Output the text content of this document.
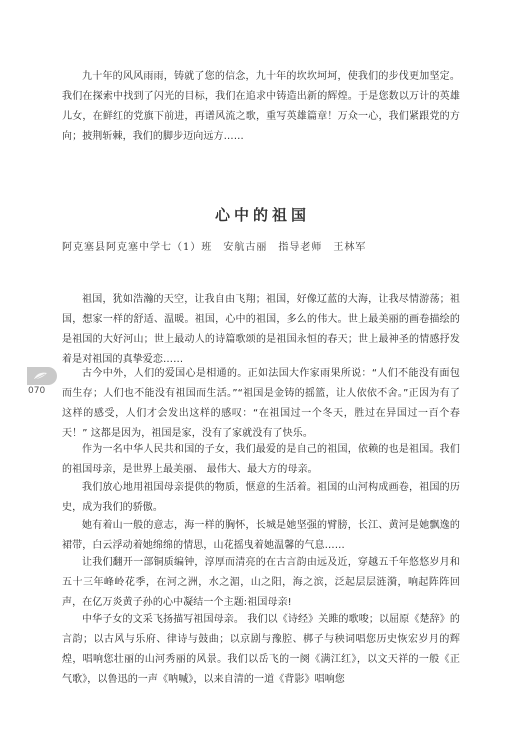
九十年的风风雨雨，铸就了您的信念，九十年的坎坎坷坷，使我们的步伐更加坚定。我们在探索中找到了闪光的目标，我们在追求中铸造出新的辉煌。于是您数以万计的英雄儿女，在鲜红的党旗下前进，再谱风流之歌，重写英雄篇章！万众一心，我们紧跟党的方向；披荆斩棘，我们的脚步迈向远方……

心中的祖国
阿克塞县阿克塞中学七（1）班　安航古丽　指导老师　王林军

祖国，犹如浩瀚的天空，让我自由飞翔；祖国，好像辽蓝的大海，让我尽情游荡；祖国，想家一样的舒适、温暖。祖国，心中的祖国，多么的伟大。世上最美丽的画卷描绘的是祖国的大好河山；世上最动人的诗篇歌颂的是祖国永恒的春天；世上最神圣的情感抒发着是对祖国的真挚爱恋……

古今中外，人们的爱国心是相通的。正如法国大作家雨果所说：“人们不能没有面包而生存；人们也不能没有祖国而生活。”“祖国是金铸的摇篮，让人依依不舍。”正因为有了这样的感受，人们才会发出这样的感叹：“在祖国过一个冬天，胜过在异国过一百个春天！” 这都是因为，祖国是家，没有了家就没有了快乐。

作为一名中华人民共和国的子女，我们最爱的是自己的祖国，依赖的也是祖国。我们的祖国母亲，是世界上最美丽、 最伟大、最大方的母亲。

我们放心地用祖国母亲提供的物质，惬意的生活着。祖国的山河构成画卷，祖国的历史，成为我们的骄傲。

她有着山一般的意志，海一样的胸怀，长城是她坚强的臂膀，长江、黄河是她飘逸的裙带，白云浮动着她绵绵的情思，山花摇曳着她温馨的气息……

让我们翻开一部铜质编钟，淳厚而清亮的在古言韵由远及近，穿越五千年悠悠岁月和五十三年峰岭花季，在河之洲，水之湄，山之阳，海之滨，泛起层层涟漪，响起阵阵回声，在亿万炎黄子孙的心中凝结一个主题:祖国母亲!

中华子女的文采飞扬描写祖国母亲。 我们以《诗经》关雎的歌唆；以屈原《楚辞》的言韵；以古风与乐府、律诗与鼓曲；以京剧与豫腔、梆子与秧词唱您历史恢宏岁月的辉煌，唱响您壮丽的山河秀丽的风景。我们以岳飞的一阕《满江红》，以文天祥的一般《正气歌》，以鲁迅的一声《呐喊》，以来自清的一道《背影》唱响您

070
